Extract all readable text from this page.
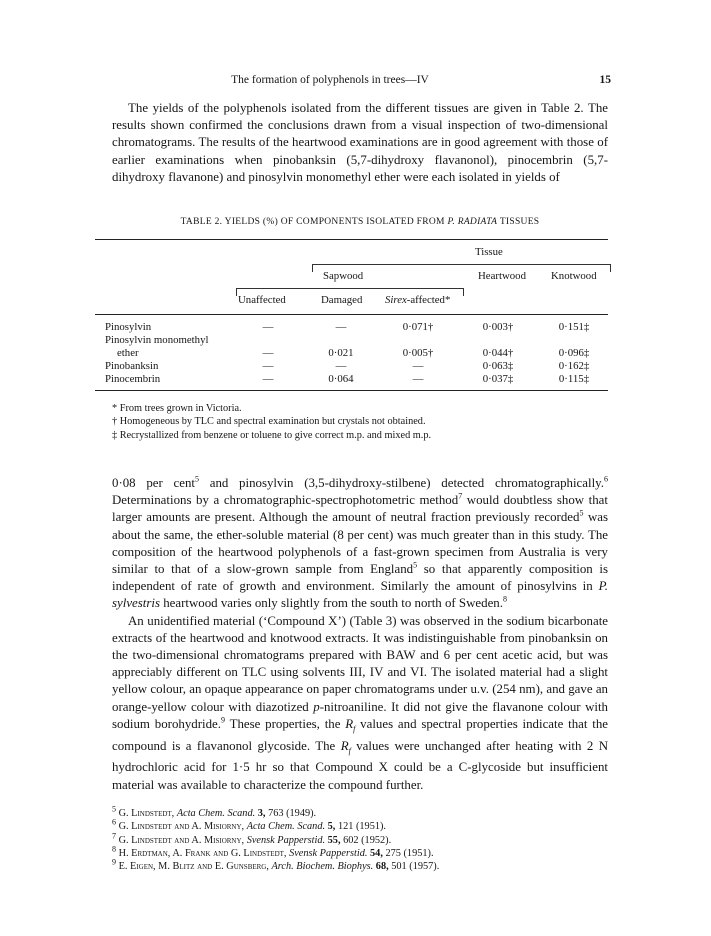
The formation of polyphenols in trees—IV	15

The yields of the polyphenols isolated from the different tissues are given in Table 2. The results shown confirmed the conclusions drawn from a visual inspection of two-dimensional chromatograms. The results of the heartwood examinations are in good agreement with those of earlier examinations when pinobanksin (5,7-dihydroxy flavanonol), pinocembrin (5,7-dihydroxy flavanone) and pinosylvin monomethyl ether were each isolated in yields of

TABLE 2. YIELDS (%) OF COMPONENTS ISOLATED FROM P. RADIATA TISSUES
Tissue
Sapwood	Heartwood Knotwood
Unaffected	Damaged Sirex-affected*
Pinosylvin	—	—	0·071†	0·003†	0·151‡
Pinosylvin monomethyl
ether	—	0·021	0·005†	0·044†	0·096‡
Pinobanksin	—	—	—	0·063‡	0·162‡
Pinocembrin	—	0·064	—	0·037‡	0·115‡
* From trees grown in Victoria.
† Homogeneous by TLC and spectral examination but crystals not obtained.
‡ Recrystallized from benzene or toluene to give correct m.p. and mixed m.p.

0·08 per cent$^5$ and pinosylvin (3,5-dihydroxy-stilbene) detected chromatographically.$^6$ Determinations by a chromatographic-spectrophotometric method$^7$ would doubtless show that larger amounts are present. Although the amount of neutral fraction previously recorded$^5$ was about the same, the ether-soluble material (8 per cent) was much greater than in this study. The composition of the heartwood polyphenols of a fast-grown specimen from Australia is very similar to that of a slow-grown sample from England$^5$ so that apparently composition is independent of rate of growth and environment. Similarly the amount of pinosylvins in P. sylvestris heartwood varies only slightly from the south to north of Sweden.$^8$

An unidentified material (‘Compound X’) (Table 3) was observed in the sodium bicarbonate extracts of the heartwood and knotwood extracts. It was indistinguishable from pinobanksin on the two-dimensional chromatograms prepared with BAW and 6 per cent acetic acid, but was appreciably different on TLC using solvents III, IV and VI. The isolated material had a slight yellow colour, an opaque appearance on paper chromatograms under u.v. (254 nm), and gave an orange-yellow colour with diazotized p-nitroaniline. It did not give the flavanone colour with sodium borohydride.$^9$ These properties, the $R_f$ values and spectral properties indicate that the compound is a flavanonol glycoside. The $R_f$ values were unchanged after heating with 2 N hydrochloric acid for 1·5 hr so that Compound X could be a C-glycoside but insufficient material was available to characterize the compound further.

$^5$ G. Lindstedt, Acta Chem. Scand. 3, 763 (1949).
$^6$ G. Lindstedt and A. Misiorny, Acta Chem. Scand. 5, 121 (1951).
$^7$ G. Lindstedt and A. Misiorny, Svensk Papperstid. 55, 602 (1952).
$^8$ H. Erdtman, A. Frank and G. Lindstedt, Svensk Papperstid. 54, 275 (1951).
$^9$ E. Eigen, M. Blitz and E. Gunsberg, Arch. Biochem. Biophys. 68, 501 (1957).
